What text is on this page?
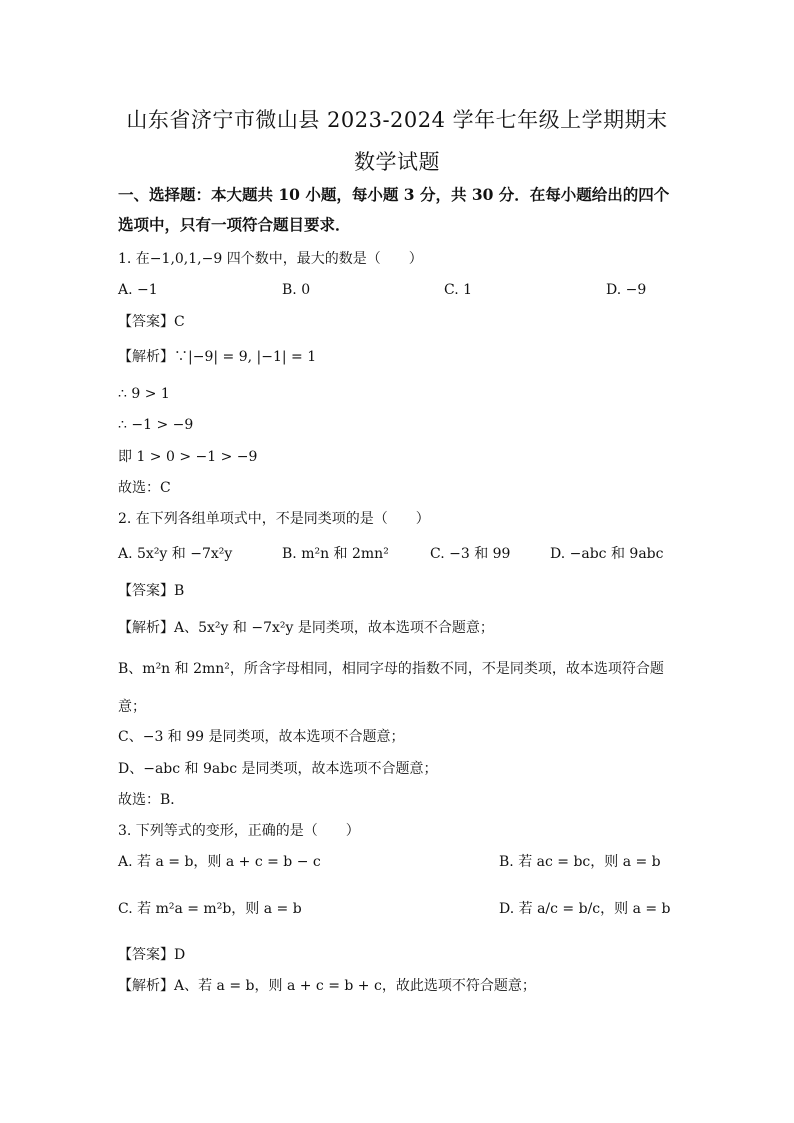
山东省济宁市微山县 2023-2024 学年七年级上学期期末
数学试题
一、选择题：本大题共 10 小题，每小题 3 分，共 30 分．在每小题给出的四个
选项中，只有一项符合题目要求．
1. 在−1,0,1,−9 四个数中，最大的数是（　　）
A. −1	B. 0	C. 1	D. −9
【答案】C
【解析】∵|−9| = 9, |−1| = 1
∴ 9 > 1
∴ −1 > −9
即 1 > 0 > −1 > −9
故选：C
2. 在下列各组单项式中，不是同类项的是（　　）
A. 5x²y 和 −7x²y	B. m²n 和 2mn²	C. −3 和 99	D. −abc 和 9abc
【答案】B
【解析】A、5x²y 和 −7x²y 是同类项，故本选项不合题意；
B、m²n 和 2mn²，所含字母相同，相同字母的指数不同，不是同类项，故本选项符合题
意；
C、−3 和 99 是同类项，故本选项不合题意；
D、−abc 和 9abc 是同类项，故本选项不合题意；
故选：B．
3. 下列等式的变形，正确的是（　　）
A. 若 a = b，则 a + c = b − c	B. 若 ac = bc，则 a = b
C. 若 m²a = m²b，则 a = b	D. 若 a/c = b/c，则 a = b
【答案】D
【解析】A、若 a = b，则 a + c = b + c，故此选项不符合题意；
